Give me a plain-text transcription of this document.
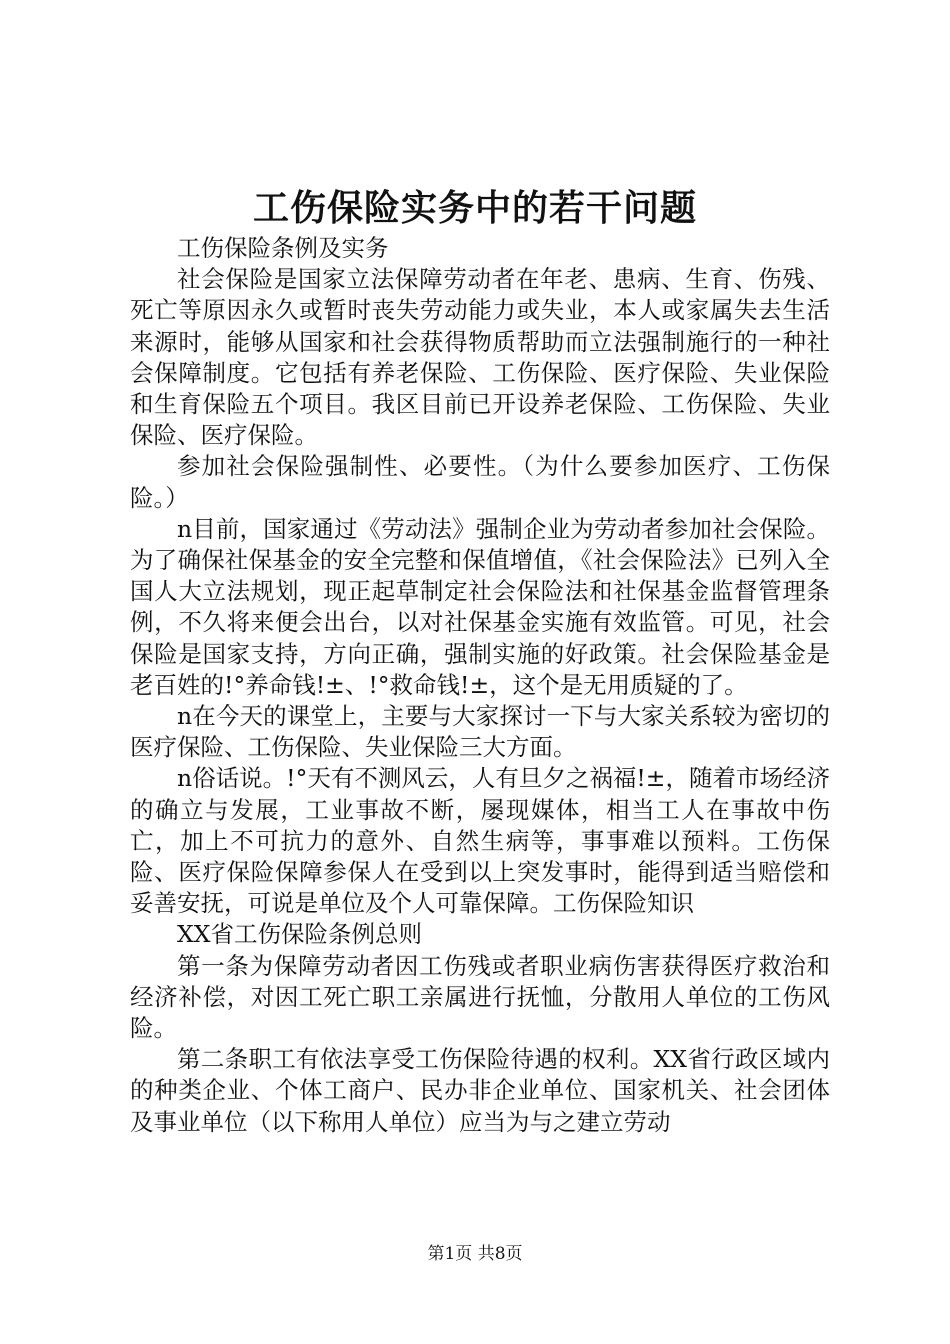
工伤保险实务中的若干问题

工伤保险条例及实务

社会保险是国家立法保障劳动者在年老、患病、生育、伤残、死亡等原因永久或暂时丧失劳动能力或失业，本人或家属失去生活来源时，能够从国家和社会获得物质帮助而立法强制施行的一种社会保障制度。它包括有养老保险、工伤保险、医疗保险、失业保险和生育保险五个项目。我区目前已开设养老保险、工伤保险、失业保险、医疗保险。

参加社会保险强制性、必要性。（为什么要参加医疗、工伤保险。）

n目前，国家通过《劳动法》强制企业为劳动者参加社会保险。为了确保社保基金的安全完整和保值增值，《社会保险法》已列入全国人大立法规划，现正起草制定社会保险法和社保基金监督管理条例，不久将来便会出台，以对社保基金实施有效监管。可见，社会保险是国家支持，方向正确，强制实施的好政策。社会保险基金是老百姓的!°养命钱!±、!°救命钱!±，这个是无用质疑的了。

n在今天的课堂上，主要与大家探讨一下与大家关系较为密切的医疗保险、工伤保险、失业保险三大方面。

n俗话说。!°天有不测风云，人有旦夕之祸福!±，随着市场经济的确立与发展，工业事故不断，屡现媒体，相当工人在事故中伤亡，加上不可抗力的意外、自然生病等，事事难以预料。工伤保险、医疗保险保障参保人在受到以上突发事时，能得到适当赔偿和妥善安抚，可说是单位及个人可靠保障。工伤保险知识

XX省工伤保险条例总则

第一条为保障劳动者因工伤残或者职业病伤害获得医疗救治和经济补偿，对因工死亡职工亲属进行抚恤，分散用人单位的工伤风险。

第二条职工有依法享受工伤保险待遇的权利。XX省行政区域内的种类企业、个体工商户、民办非企业单位、国家机关、社会团体及事业单位（以下称用人单位）应当为与之建立劳动

第1页 共8页
